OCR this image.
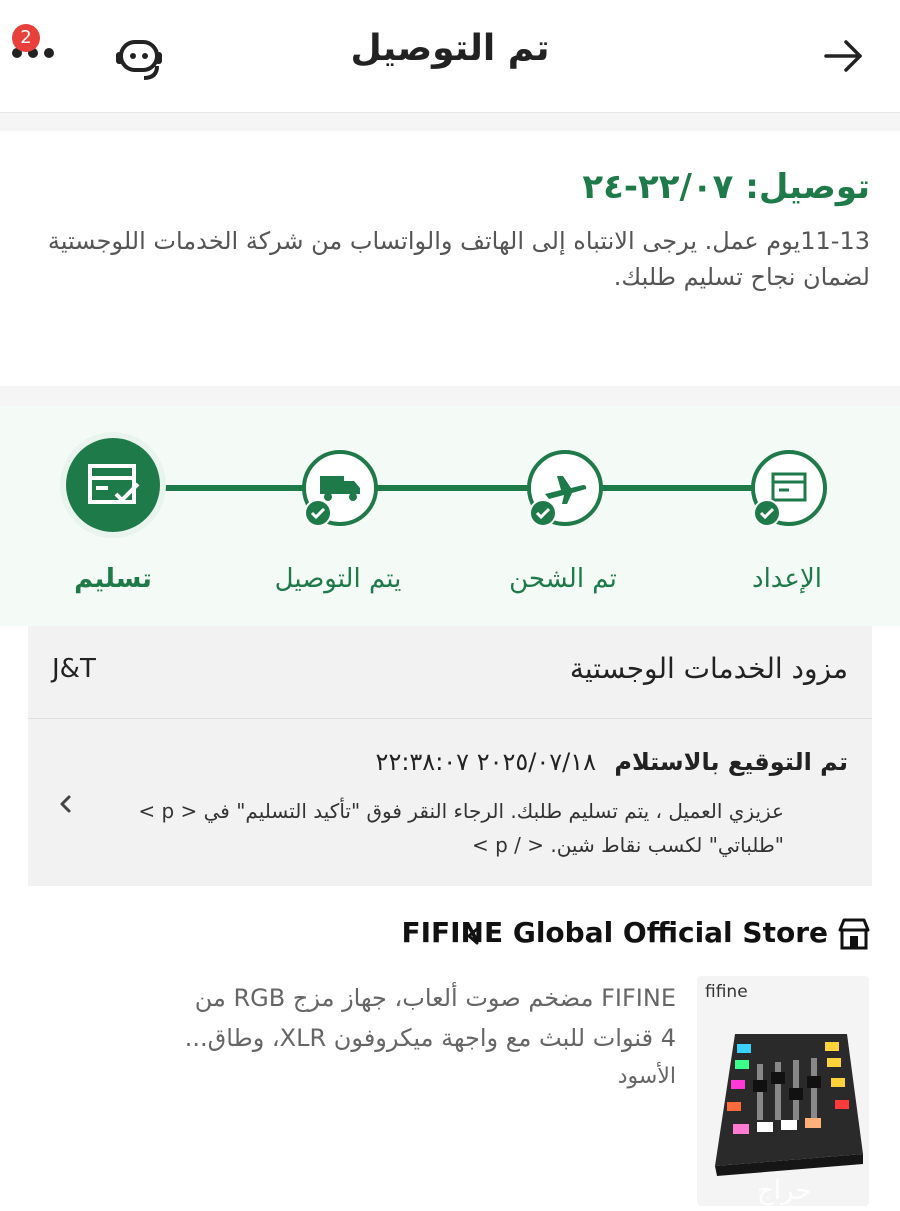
2	تم التوصيل
توصيل: ٢٢/٠٧-٢٤
11-13يوم عمل. يرجى الانتباه إلى الهاتف والواتساب من شركة الخدمات اللوجستية لضمان نجاح تسليم طلبك.
الإعداد
تم الشحن
يتم التوصيل
تسليم
مزود الخدمات الوجستية
J&T
تم التوقيع بالاستلام ٢٠٢٥/٠٧/١٨ ٢٢:٣٨:٠٧
عزيزي العميل ، يتم تسليم طلبك. الرجاء النقر فوق "تأكيد التسليم" في < p > "طلباتي" لكسب نقاط شين. < / p >
FIFINE Global Official Store
fifine
حراج
FIFINE مضخم صوت ألعاب، جهاز مزج RGB من 4 قنوات للبث مع واجهة ميكروفون XLR، وطاق...
الأسود
